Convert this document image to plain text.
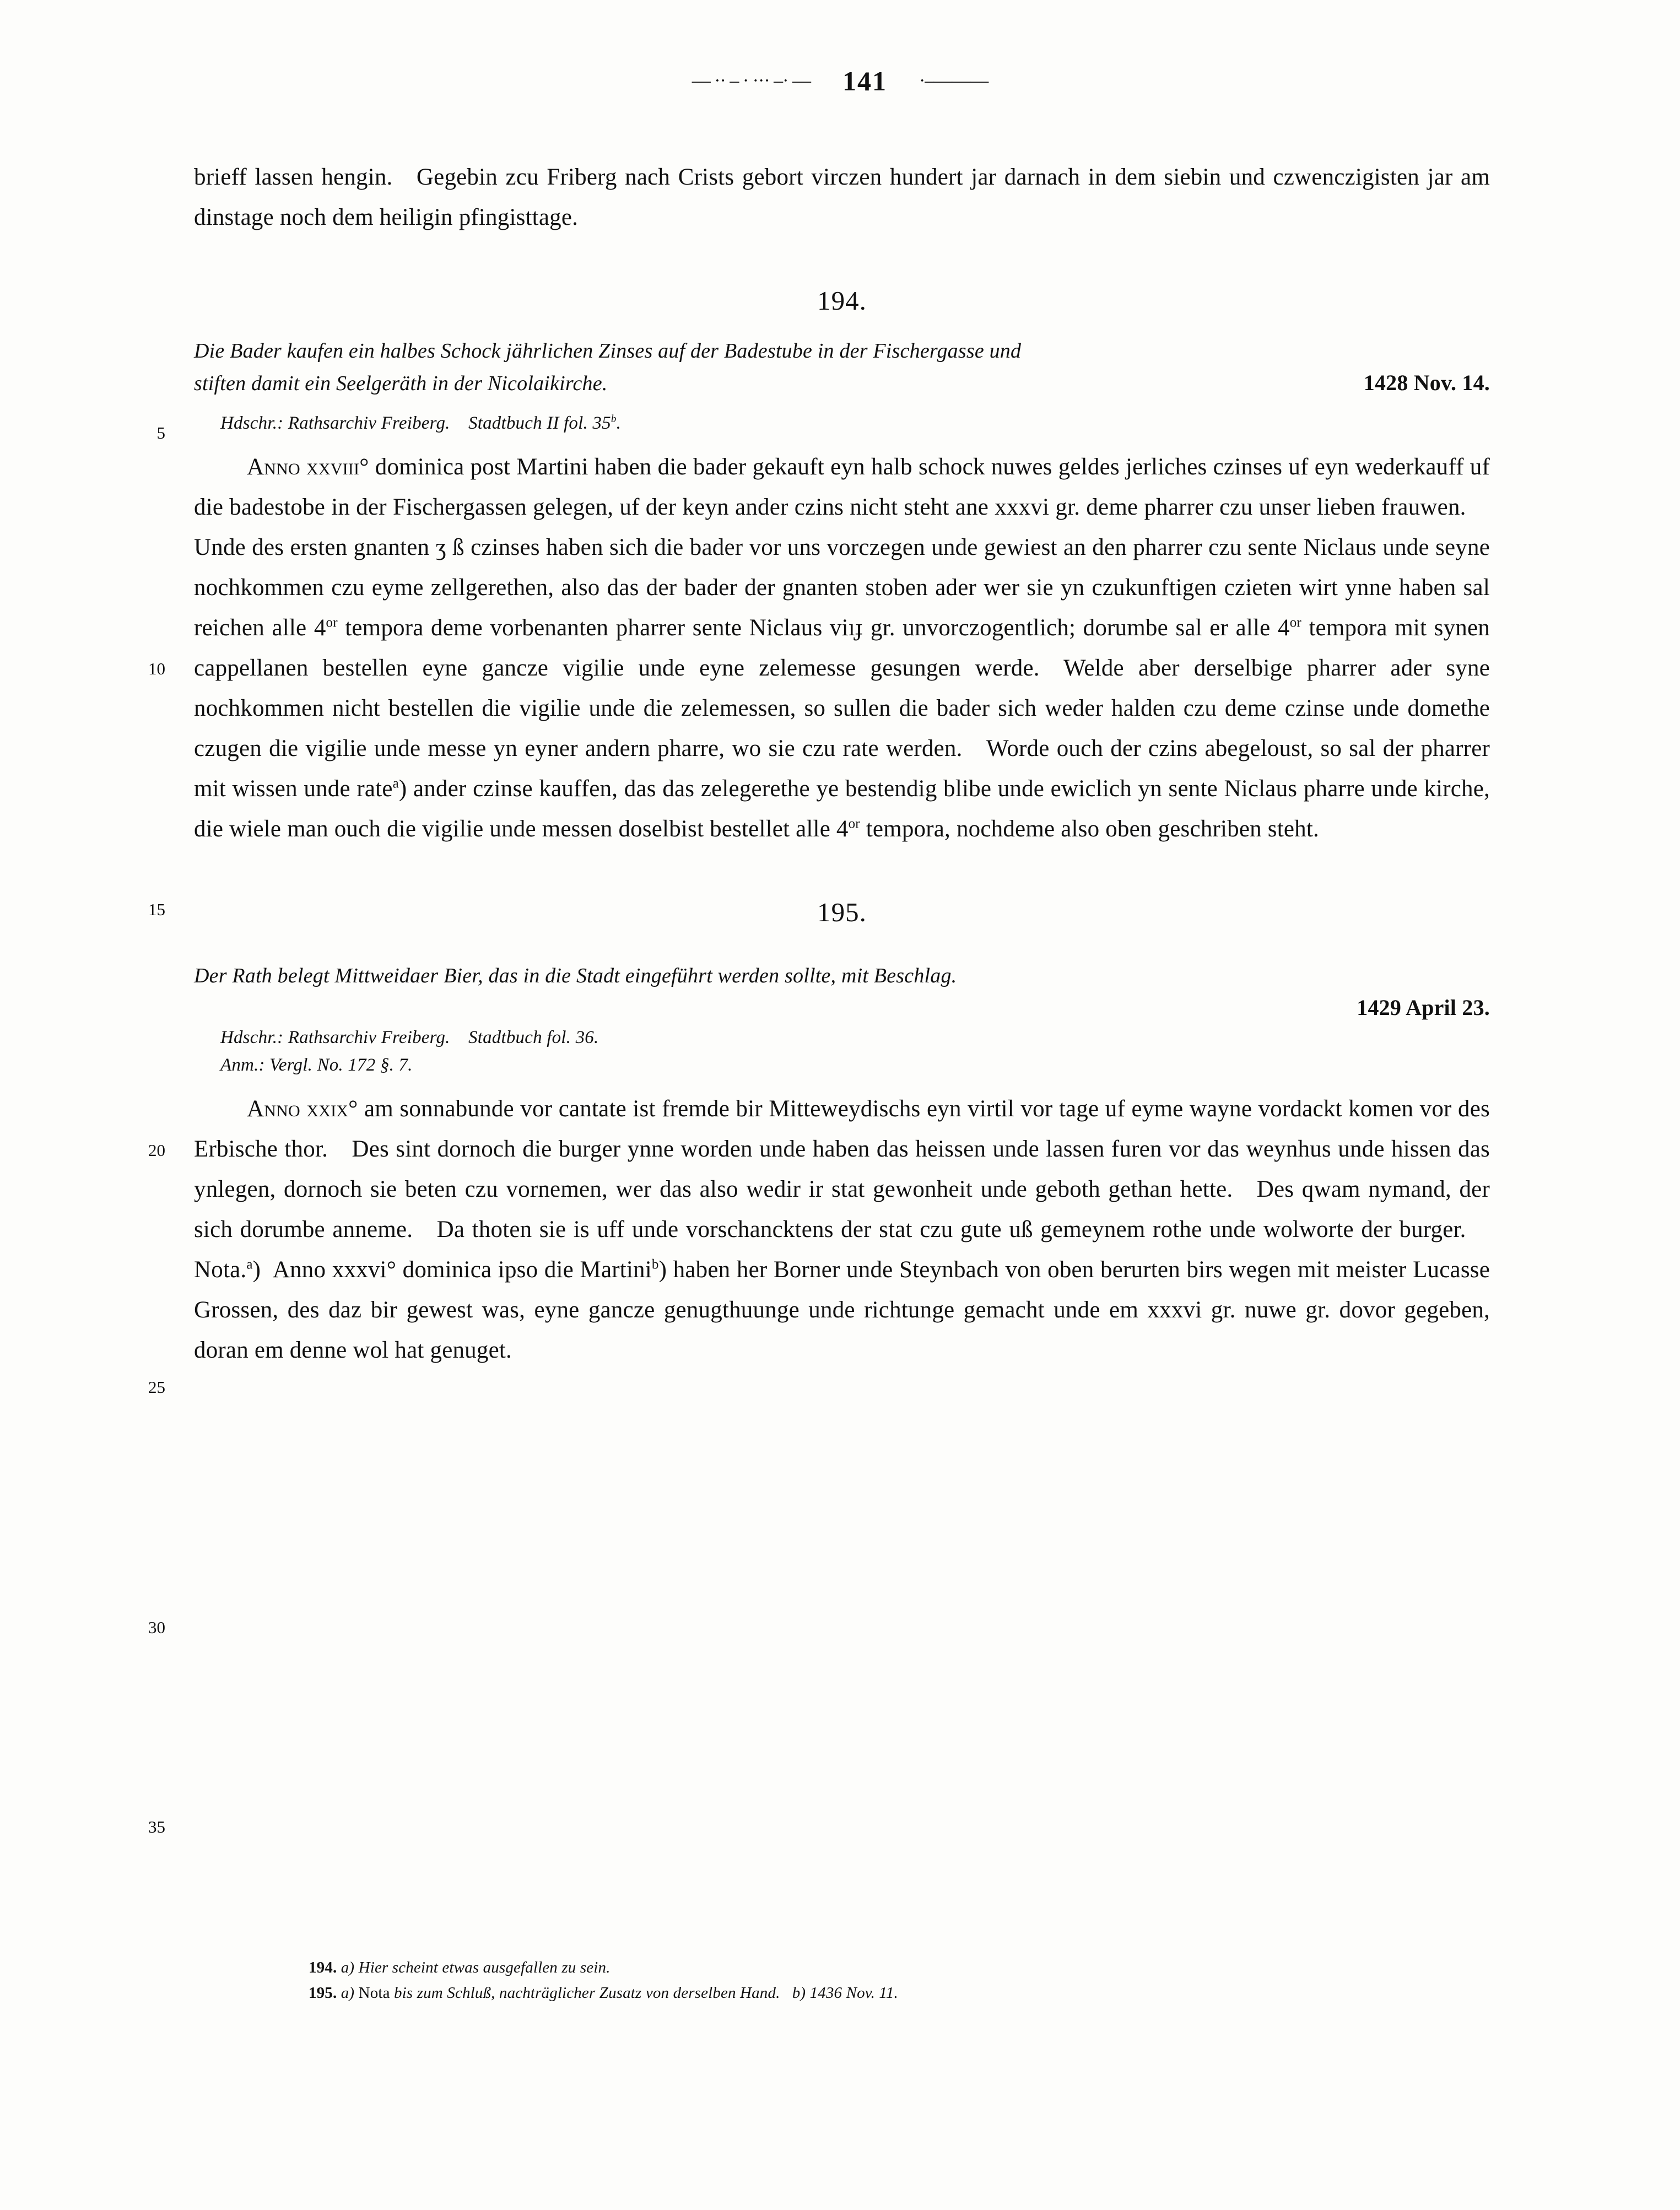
— ·· – · ··· –· — 141 ·–———
5
10
15
20
25
30
35

brieff lassen hengin.  Gegebin zcu Friberg nach Crists gebort virczen hundert jar darnach in dem siebin und czwenczigisten jar am dinstage noch dem heiligin pfingisttage.

194.
Die Bader kaufen ein halbes Schock jährlichen Zinses auf der Badestube in der Fischergasse und
stiften damit ein Seelgeräth in der Nicolaikirche.	1428 Nov. 14.
Hdschr.: Rathsarchiv Freiberg.  Stadtbuch II fol. 35$^b$.

Anno xxviii° dominica post Martini haben die bader gekauft eyn halb schock nuwes geldes jerliches czinses uf eyn wederkauff uf die badestobe in der Fischergassen gelegen, uf der keyn ander czins nicht steht ane xxxvi gr. deme pharrer czu unser lieben frauwen.  Unde des ersten gnanten ʒ ß czinses haben sich die bader vor uns vorczegen unde gewiest an den pharrer czu sente Niclaus unde seyne nochkommen czu eyme zellgerethen, also das der bader der gnanten stoben ader wer sie yn czukunftigen czieten wirt ynne haben sal reichen alle $4^{or}$ tempora deme vorbenanten pharrer sente Niclaus viıɟ gr. unvorczogentlich; dorumbe sal er alle $4^{or}$ tempora mit synen cappellanen bestellen eyne gancze vigilie unde eyne zelemesse gesungen werde.  Welde aber derselbige pharrer ader syne nochkommen nicht bestellen die vigilie unde die zelemessen, so sullen die bader sich weder halden czu deme czinse unde domethe czugen die vigilie unde messe yn eyner andern pharre, wo sie czu rate werden.  Worde ouch der czins abegeloust, so sal der pharrer mit wissen unde rate$^a$) ander czinse kauffen, das das zelegerethe ye bestendig blibe unde ewiclich yn sente Niclaus pharre unde kirche, die wiele man ouch die vigilie unde messen doselbist bestellet alle $4^{or}$ tempora, nochdeme also oben geschriben steht.

195.
Der Rath belegt Mittweidaer Bier, das in die Stadt eingeführt werden sollte, mit Beschlag.
1429 April 23.
Hdschr.: Rathsarchiv Freiberg.  Stadtbuch fol. 36.
Anm.: Vergl. No. 172 §. 7.

Anno xxix° am sonnabunde vor cantate ist fremde bir Mitteweydischs eyn virtil vor tage uf eyme wayne vordackt komen vor des Erbische thor.  Des sint dornoch die burger ynne worden unde haben das heissen unde lassen furen vor das weynhus unde hissen das ynlegen, dornoch sie beten czu vornemen, wer das also wedir ir stat gewonheit unde geboth gethan hette.  Des qwam nymand, der sich dorumbe anneme.  Da thoten sie is uff unde vorschancktens der stat czu gute uß gemeynem rothe unde wolworte der burger.  Nota.$^a$) Anno xxxvi° dominica ipso die Martini$^b$) haben her Borner unde Steynbach von oben berurten birs wegen mit meister Lucasse Grossen, des daz bir gewest was, eyne gancze genugthuunge unde richtunge gemacht unde em xxxvi gr. nuwe gr. dovor gegeben, doran em denne wol hat genuget.

194. a) Hier scheint etwas ausgefallen zu sein.
195. a) Nota bis zum Schluß, nachträglicher Zusatz von derselben Hand. b) 1436 Nov. 11.
